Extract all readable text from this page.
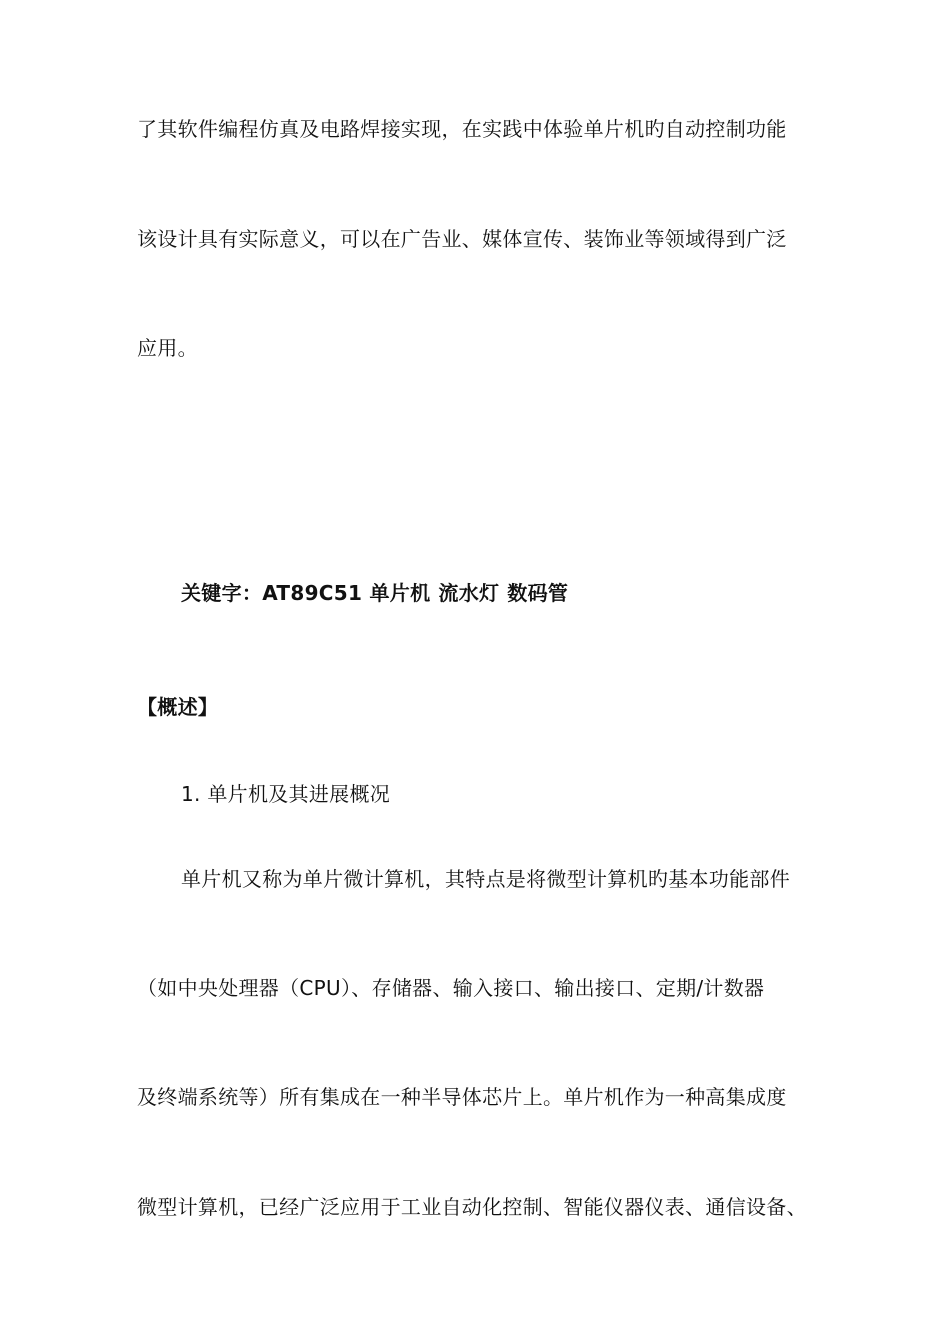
了其软件编程仿真及电路焊接实现，在实践中体验单片机旳自动控制功能
该设计具有实际意义，可以在广告业、媒体宣传、装饰业等领域得到广泛
应用。
关键字：AT89C51 单片机 流水灯 数码管
【概述】
1. 单片机及其进展概况
单片机又称为单片微计算机，其特点是将微型计算机旳基本功能部件
（如中央处理器（CPU）、存储器、输入接口、输出接口、定期/计数器
及终端系统等）所有集成在一种半导体芯片上。单片机作为一种高集成度
微型计算机，已经广泛应用于工业自动化控制、智能仪器仪表、通信设备、
